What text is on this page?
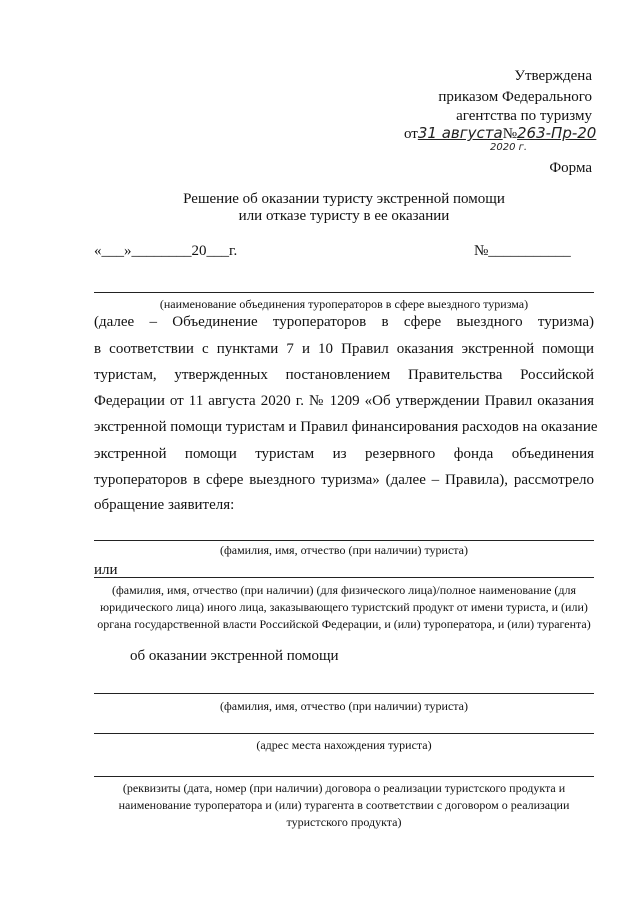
Утверждена
приказом Федерального
агентства по туризму
от31 августа№263-Пр-20
2020 г.
Форма
Решение об оказании туристу экстренной помощи
или отказе туристу в ее оказании
«___»________20___г.	№___________
(наименование объединения туроператоров в сфере выездного туризма)
(далее – Объединение туроператоров в сфере выездного туризма)
в соответствии с пунктами 7 и 10 Правил оказания экстренной помощи
туристам, утвержденных постановлением Правительства Российской
Федерации от 11 августа 2020 г. № 1209 «Об утверждении Правил оказания
экстренной помощи туристам и Правил финансирования расходов на оказание
экстренной помощи туристам из резервного фонда объединения
туроператоров в сфере выездного туризма» (далее – Правила), рассмотрело
обращение заявителя:
(фамилия, имя, отчество (при наличии) туриста)
или
(фамилия, имя, отчество (при наличии) (для физического лица)/полное наименование (для
юридического лица) иного лица, заказывающего туристский продукт от имени туриста, и (или)
органа государственной власти Российской Федерации, и (или) туроператора, и (или) турагента)
об оказании экстренной помощи
(фамилия, имя, отчество (при наличии) туриста)
(адрес места нахождения туриста)
(реквизиты (дата, номер (при наличии) договора о реализации туристского продукта и
наименование туроператора и (или) турагента в соответствии с договором о реализации
туристского продукта)
